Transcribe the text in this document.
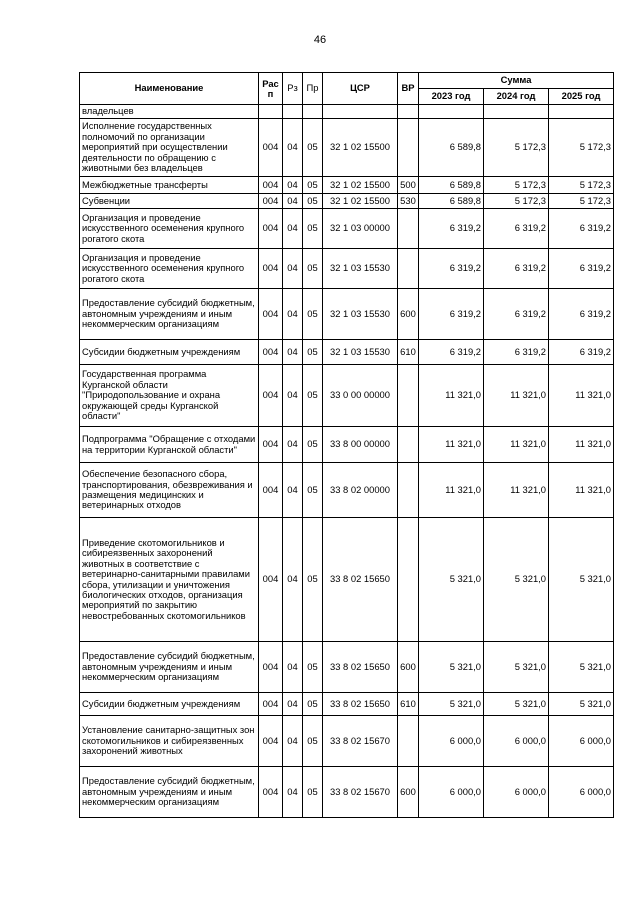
46
Наименование	Рас п	Рз	Пр	ЦСР	ВР	Сумма		
						2023 год	2024 год	2025 год
владельцев								
Исполнение государственных полномочий по организации мероприятий при осуществлении деятельности по обращению с животными без владельцев	004	04	05	32 1 02 15500		6 589,8	5 172,3	5 172,3
Межбюджетные трансферты	004	04	05	32 1 02 15500	500	6 589,8	5 172,3	5 172,3
Субвенции	004	04	05	32 1 02 15500	530	6 589,8	5 172,3	5 172,3
Организация и проведение искусственного осеменения крупного рогатого скота	004	04	05	32 1 03 00000		6 319,2	6 319,2	6 319,2
Организация и проведение искусственного осеменения крупного рогатого скота	004	04	05	32 1 03 15530		6 319,2	6 319,2	6 319,2
Предоставление субсидий бюджетным, автономным учреждениям и иным некоммерческим организациям	004	04	05	32 1 03 15530	600	6 319,2	6 319,2	6 319,2
Субсидии бюджетным учреждениям	004	04	05	32 1 03 15530	610	6 319,2	6 319,2	6 319,2
Государственная программа Курганской области "Природопользование и охрана окружающей среды Курганской области"	004	04	05	33 0 00 00000		11 321,0	11 321,0	11 321,0
Подпрограмма "Обращение с отходами на территории Курганской области"	004	04	05	33 8 00 00000		11 321,0	11 321,0	11 321,0
Обеспечение безопасного сбора, транспортирования, обезвреживания и размещения медицинских и ветеринарных отходов	004	04	05	33 8 02 00000		11 321,0	11 321,0	11 321,0
Приведение скотомогильников и сибиреязвенных захоронений животных в соответствие с ветеринарно-санитарными правилами сбора, утилизации и уничтожения биологических отходов, организация мероприятий по закрытию невостребованных скотомогильников	004	04	05	33 8 02 15650		5 321,0	5 321,0	5 321,0
Предоставление субсидий бюджетным, автономным учреждениям и иным некоммерческим организациям	004	04	05	33 8 02 15650	600	5 321,0	5 321,0	5 321,0
Субсидии бюджетным учреждениям	004	04	05	33 8 02 15650	610	5 321,0	5 321,0	5 321,0
Установление санитарно-защитных зон скотомогильников и сибиреязвенных захоронений животных	004	04	05	33 8 02 15670		6 000,0	6 000,0	6 000,0
Предоставление субсидий бюджетным, автономным учреждениям и иным некоммерческим организациям	004	04	05	33 8 02 15670	600	6 000,0	6 000,0	6 000,0
